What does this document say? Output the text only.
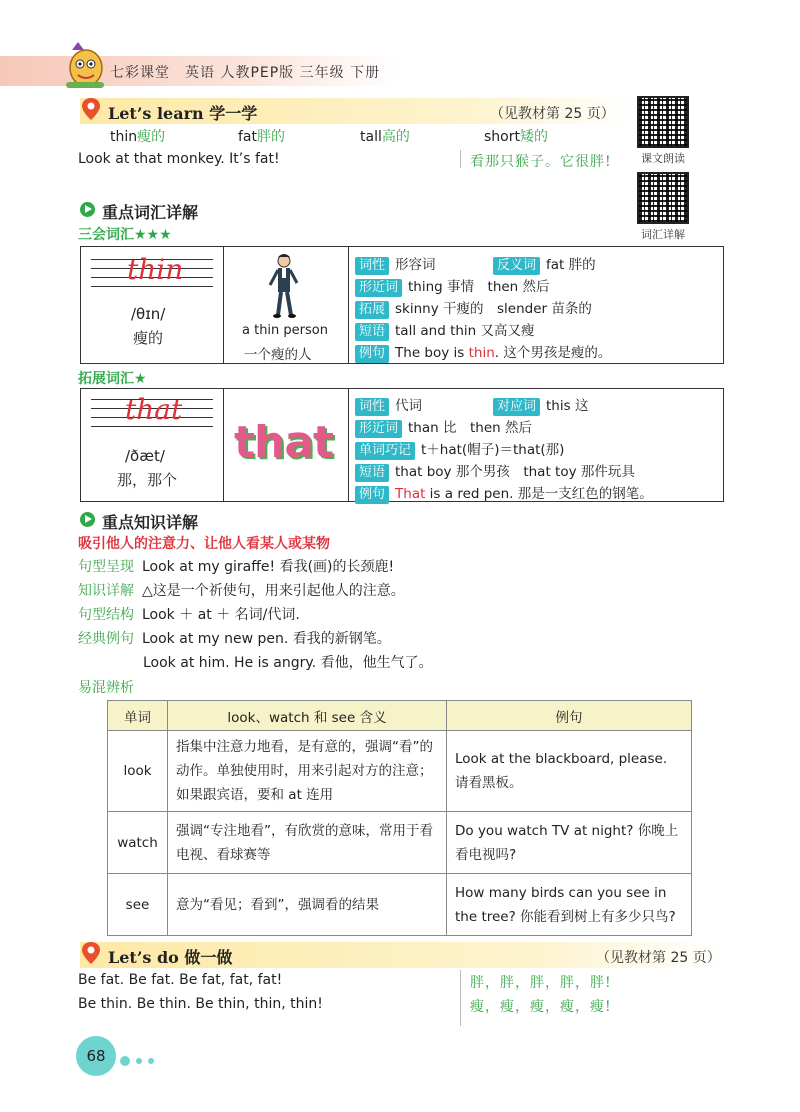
七彩课堂　英语 人教PEP版 三年级 下册
Let’s learn 学一学	（见教材第 25 页）
课文朗读
词汇详解
thin瘦的	fat胖的	tall高的	short矮的
Look at that monkey. It’s fat!	看那只猴子。它很胖!
重点词汇详解
三会词汇★★★
thin
/θɪn/
瘦的	a thin person
一个瘦的人
词性 形容词	反义词 fat 胖的
形近词 thing 事情　then 然后
拓展 skinny 干瘦的　slender 苗条的
短语 tall and thin 又高又瘦
例句 The boy is thin. 这个男孩是瘦的。
拓展词汇★
that
/ðæt/
那，那个
that
词性 代词	对应词 this 这
形近词 than 比　then 然后
单词巧记 t＋hat(帽子)＝that(那)
短语 that boy 那个男孩　that toy 那件玩具
例句 That is a red pen. 那是一支红色的钢笔。
重点知识详解
吸引他人的注意力、让他人看某人或某物
句型呈现 Look at my giraffe! 看我(画)的长颈鹿!
知识详解 △这是一个祈使句，用来引起他人的注意。
句型结构 Look ＋ at ＋ 名词/代词.
经典例句 Look at my new pen. 看我的新钢笔。
Look at him. He is angry. 看他，他生气了。
易混辨析
单词	look、watch 和 see 含义	例句
look	指集中注意力地看，是有意的，强调“看”的动作。单独使用时，用来引起对方的注意；如果跟宾语，要和 at 连用	Look at the blackboard, please. 请看黑板。
watch	强调“专注地看”，有欣赏的意味，常用于看电视、看球赛等	Do you watch TV at night? 你晚上看电视吗?
see	意为“看见；看到”，强调看的结果	How many birds can you see in the tree? 你能看到树上有多少只鸟?
Let’s do 做一做	（见教材第 25 页）
Be fat. Be fat. Be fat, fat, fat!
Be thin. Be thin. Be thin, thin, thin!
胖，胖，胖，胖，胖!
瘦，瘦，瘦，瘦，瘦!
68
